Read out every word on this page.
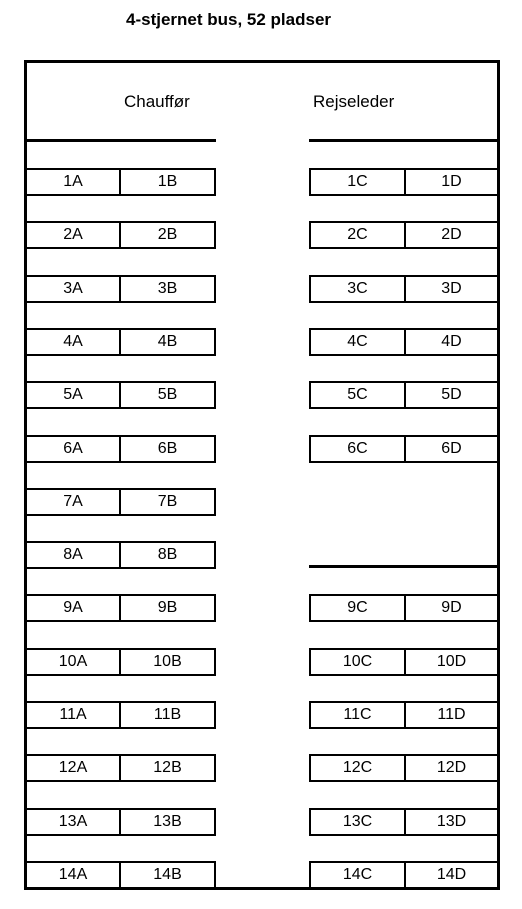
4-stjernet bus, 52 pladser
Chauffør	Rejseleder
1A	1B	1C	1D
2A	2B	2C	2D
3A	3B	3C	3D
4A	4B	4C	4D
5A	5B	5C	5D
6A	6B	6C	6D
7A	7B
8A	8B
9A	9B	9C	9D
10A	10B	10C	10D
11A	11B	11C	11D
12A	12B	12C	12D
13A	13B	13C	13D
14A	14B	14C	14D
